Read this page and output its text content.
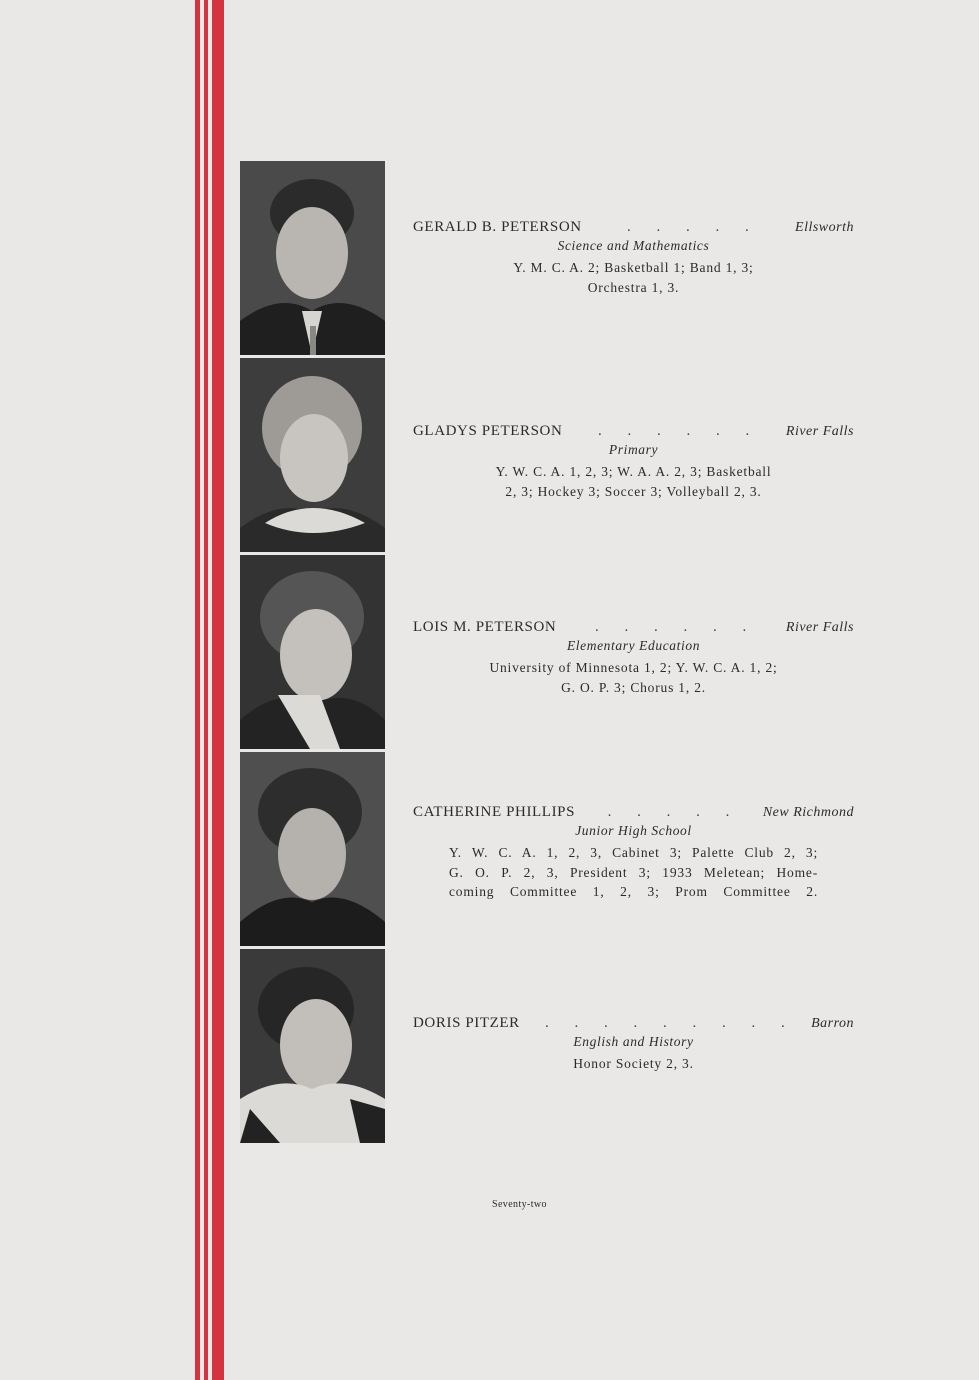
GERALD B. PETERSON	. . . . .	Ellsworth
Science and Mathematics
Y. M. C. A. 2; Basketball 1; Band 1, 3;
Orchestra 1, 3.
GLADYS PETERSON	. . . . . .	River Falls
Primary
Y. W. C. A. 1, 2, 3; W. A. A. 2, 3; Basketball
2, 3; Hockey 3; Soccer 3; Volleyball 2, 3.
LOIS M. PETERSON	. . . . . .	River Falls
Elementary Education
University of Minnesota 1, 2; Y. W. C. A. 1, 2;
G. O. P. 3; Chorus 1, 2.
CATHERINE PHILLIPS	. . . . .	New Richmond
Junior High School
Y. W. C. A. 1, 2, 3, Cabinet 3; Palette Club 2, 3;
G. O. P. 2, 3, President 3; 1933 Meletean; Home-
coming Committee 1, 2, 3; Prom Committee 2.
DORIS PITZER	. . . . . . . . .	Barron
English and History
Honor Society 2, 3.
Seventy-two
